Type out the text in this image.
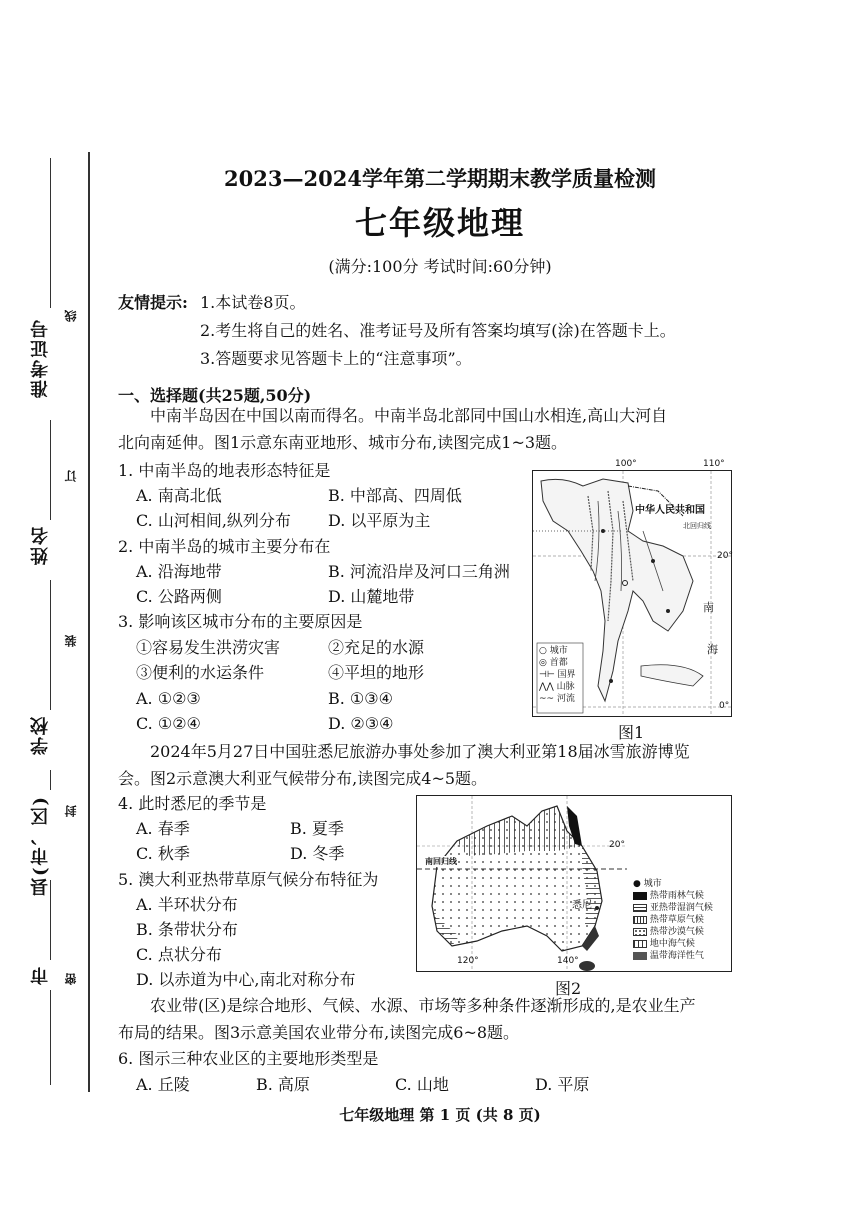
准考证号
姓名
学校
县(市、区)
市
线
订
装
封
密
2023—2024学年第二学期期末教学质量检测
七年级地理
(满分:100分 考试时间:60分钟)
友情提示: 1.本试卷8页。
2.考生将自己的姓名、准考证号及所有答案均填写(涂)在答题卡上。
3.答题要求见答题卡上的“注意事项”。
一、选择题(共25题,50分)
中南半岛因在中国以南而得名。中南半岛北部同中国山水相连,高山大河自
北向南延伸。图1示意东南亚地形、城市分布,读图完成1~3题。
1. 中南半岛的地表形态特征是
A. 南高北低	B. 中部高、四周低
C. 山河相间,纵列分布 D. 以平原为主
2. 中南半岛的城市主要分布在
A. 沿海地带	B. 河流沿岸及河口三角洲
C. 公路两侧	D. 山麓地带
3. 影响该区城市分布的主要原因是
①容易发生洪涝灾害	②充足的水源
③便利的水运条件	④平坦的地形
A. ①②③	B. ①③④
C. ①②④	D. ②③④
100°	110°
20°
0°
中华人民共和国
北回归线
南
海
○ 城市
◎ 首都
⊣⊢ 国界
⋀⋀ 山脉
~~ 河流
图1
2024年5月27日中国驻悉尼旅游办事处参加了澳大利亚第18届冰雪旅游博览
会。图2示意澳大利亚气候带分布,读图完成4~5题。
4. 此时悉尼的季节是
A. 春季	B. 夏季
C. 秋季	D. 冬季
5. 澳大利亚热带草原气候分布特征为
A. 半环状分布
B. 条带状分布
C. 点状分布
D. 以赤道为中心,南北对称分布
南回归线
20°
120°	140°
悉尼
● 城市
热带雨林气候
亚热带湿润气候
热带草原气候
热带沙漠气候
地中海气候
温带海洋性气
图2
农业带(区)是综合地形、气候、水源、市场等多种条件逐渐形成的,是农业生产
布局的结果。图3示意美国农业带分布,读图完成6~8题。
6. 图示三种农业区的主要地形类型是
A. 丘陵	B. 高原	C. 山地	D. 平原
七年级地理 第 1 页 (共 8 页)
